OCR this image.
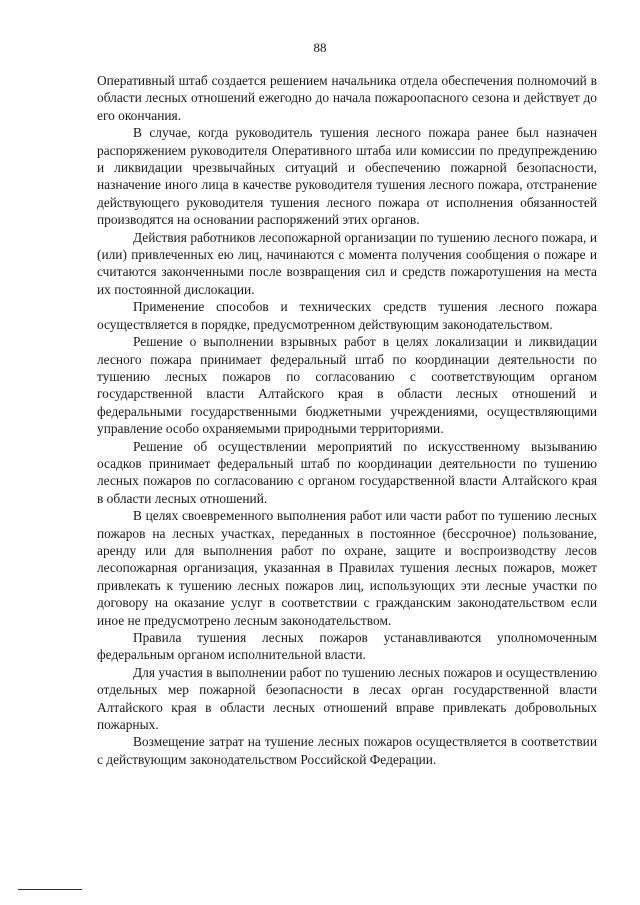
88

Оперативный штаб создается решением начальника отдела обеспечения полномочий в области лесных отношений ежегодно до начала пожароопасного сезона и действует до его окончания.

В случае, когда руководитель тушения лесного пожара ранее был назначен распоряжением руководителя Оперативного штаба или комиссии по предупреждению и ликвидации чрезвычайных ситуаций и обеспечению пожарной безопасности, назначение иного лица в качестве руководителя тушения лесного пожара, отстранение действующего руководителя тушения лесного пожара от исполнения обязанностей производятся на основании распоряжений этих органов.

Действия работников лесопожарной организации по тушению лесного пожара, и (или) привлеченных ею лиц, начинаются с момента получения сообщения о пожаре и считаются законченными после возвращения сил и средств пожаротушения на места их постоянной дислокации.

Применение способов и технических средств тушения лесного пожара осуществляется в порядке, предусмотренном действующим законодательством.

Решение о выполнении взрывных работ в целях локализации и ликвидации лесного пожара принимает федеральный штаб по координации деятельности по тушению лесных пожаров по согласованию с соответствующим органом государственной власти Алтайского края в области лесных отношений и федеральными государственными бюджетными учреждениями, осуществляющими управление особо охраняемыми природными территориями.

Решение об осуществлении мероприятий по искусственному вызыванию осадков принимает федеральный штаб по координации деятельности по тушению лесных пожаров по согласованию с органом государственной власти Алтайского края в области лесных отношений.

В целях своевременного выполнения работ или части работ по тушению лесных пожаров на лесных участках, переданных в постоянное (бессрочное) пользование, аренду или для выполнения работ по охране, защите и воспроизводству лесов лесопожарная организация, указанная в Правилах тушения лесных пожаров, может привлекать к тушению лесных пожаров лиц, использующих эти лесные участки по договору на оказание услуг в соответствии с гражданским законодательством если иное не предусмотрено лесным законодательством.

Правила тушения лесных пожаров устанавливаются уполномоченным федеральным органом исполнительной власти.

Для участия в выполнении работ по тушению лесных пожаров и осуществлению отдельных мер пожарной безопасности в лесах орган государственной власти Алтайского края в области лесных отношений вправе привлекать добровольных пожарных.

Возмещение затрат на тушение лесных пожаров осуществляется в соответствии с действующим законодательством Российской Федерации.
